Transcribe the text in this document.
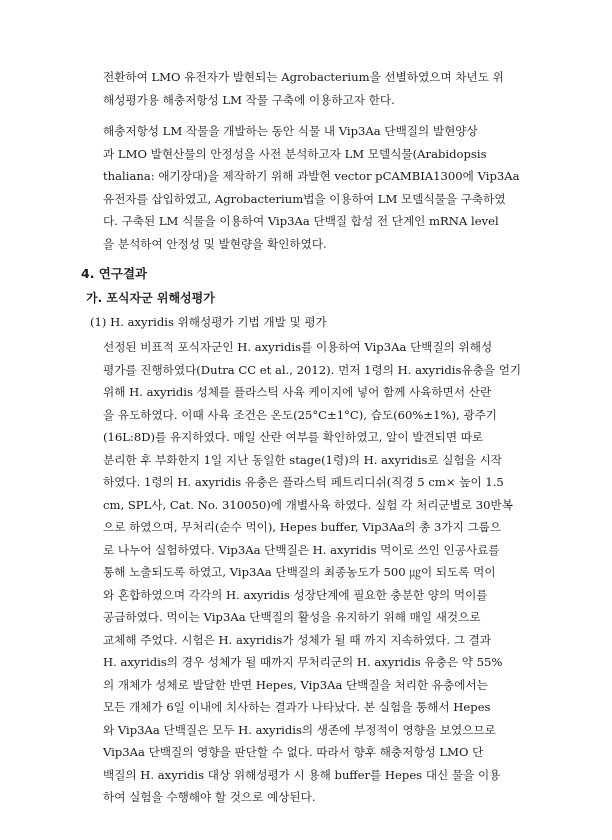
전환하여 LMO 유전자가 발현되는 Agrobacterium을 선별하였으며 차년도 위
해성평가용 해충저항성 LM 작물 구축에 이용하고자 한다.
해충저항성 LM 작물을 개발하는 동안 식물 내 Vip3Aa 단백질의 발현양상
과 LMO 발현산물의 안정성을 사전 분석하고자 LM 모델식물(Arabidopsis
thaliana: 애기장대)을 제작하기 위해 과발현 vector pCAMBIA1300에 Vip3Aa
유전자를 삽입하였고, Agrobacterium법을 이용하여 LM 모델식물을 구축하였
다. 구축된 LM 식물을 이용하여 Vip3Aa 단백질 합성 전 단계인 mRNA level
을 분석하여 안정성 및 발현량을 확인하였다.
4. 연구결과
가. 포식자군 위해성평가
(1) H. axyridis 위해성평가 기법 개발 및 평가
선정된 비표적 포식자군인 H. axyridis를 이용하여 Vip3Aa 단백질의 위해성
평가를 진행하였다(Dutra CC et al., 2012). 먼저 1령의 H. axyridis유충을 얻기
위해 H. axyridis 성체를 플라스틱 사육 케이지에 넣어 함께 사육하면서 산란
을 유도하였다. 이때 사육 조건은 온도(25°C±1°C), 습도(60%±1%), 광주기
(16L:8D)를 유지하였다. 매일 산란 여부를 확인하였고, 알이 발견되면 따로
분리한 후 부화한지 1일 지난 동일한 stage(1령)의 H. axyridis로 실험을 시작
하였다. 1령의 H. axyridis 유충은 플라스틱 페트리디쉬(직경 5 cm× 높이 1.5
cm, SPL사, Cat. No. 310050)에 개별사육 하였다. 실험 각 처리군별로 30반복
으로 하였으며, 무처리(순수 먹이), Hepes buffer, Vip3Aa의 총 3가지 그룹으
로 나누어 실험하였다. Vip3Aa 단백질은 H. axyridis 먹이로 쓰인 인공사료를
통해 노출되도록 하였고, Vip3Aa 단백질의 최종농도가 500 ㎍이 되도록 먹이
와 혼합하였으며 각각의 H. axyridis 성장단계에 필요한 충분한 양의 먹이를
공급하였다. 먹이는 Vip3Aa 단백질의 활성을 유지하기 위해 매일 새것으로
교체해 주었다. 시험은 H. axyridis가 성체가 될 때 까지 지속하였다. 그 결과
H. axyridis의 경우 성체가 될 때까지 무처리군의 H. axyridis 유충은 약 55%
의 개체가 성체로 발달한 반면 Hepes, Vip3Aa 단백질을 처리한 유충에서는
모든 개체가 6일 이내에 치사하는 결과가 나타났다. 본 실험을 통해서 Hepes
와 Vip3Aa 단백질은 모두 H. axyridis의 생존에 부정적이 영향을 보였으므로
Vip3Aa 단백질의 영향을 판단할 수 없다. 따라서 향후 해충저항성 LMO 단
백질의 H. axyridis 대상 위해성평가 시 용해 buffer를 Hepes 대신 물을 이용
하여 실험을 수행해야 할 것으로 예상된다.
